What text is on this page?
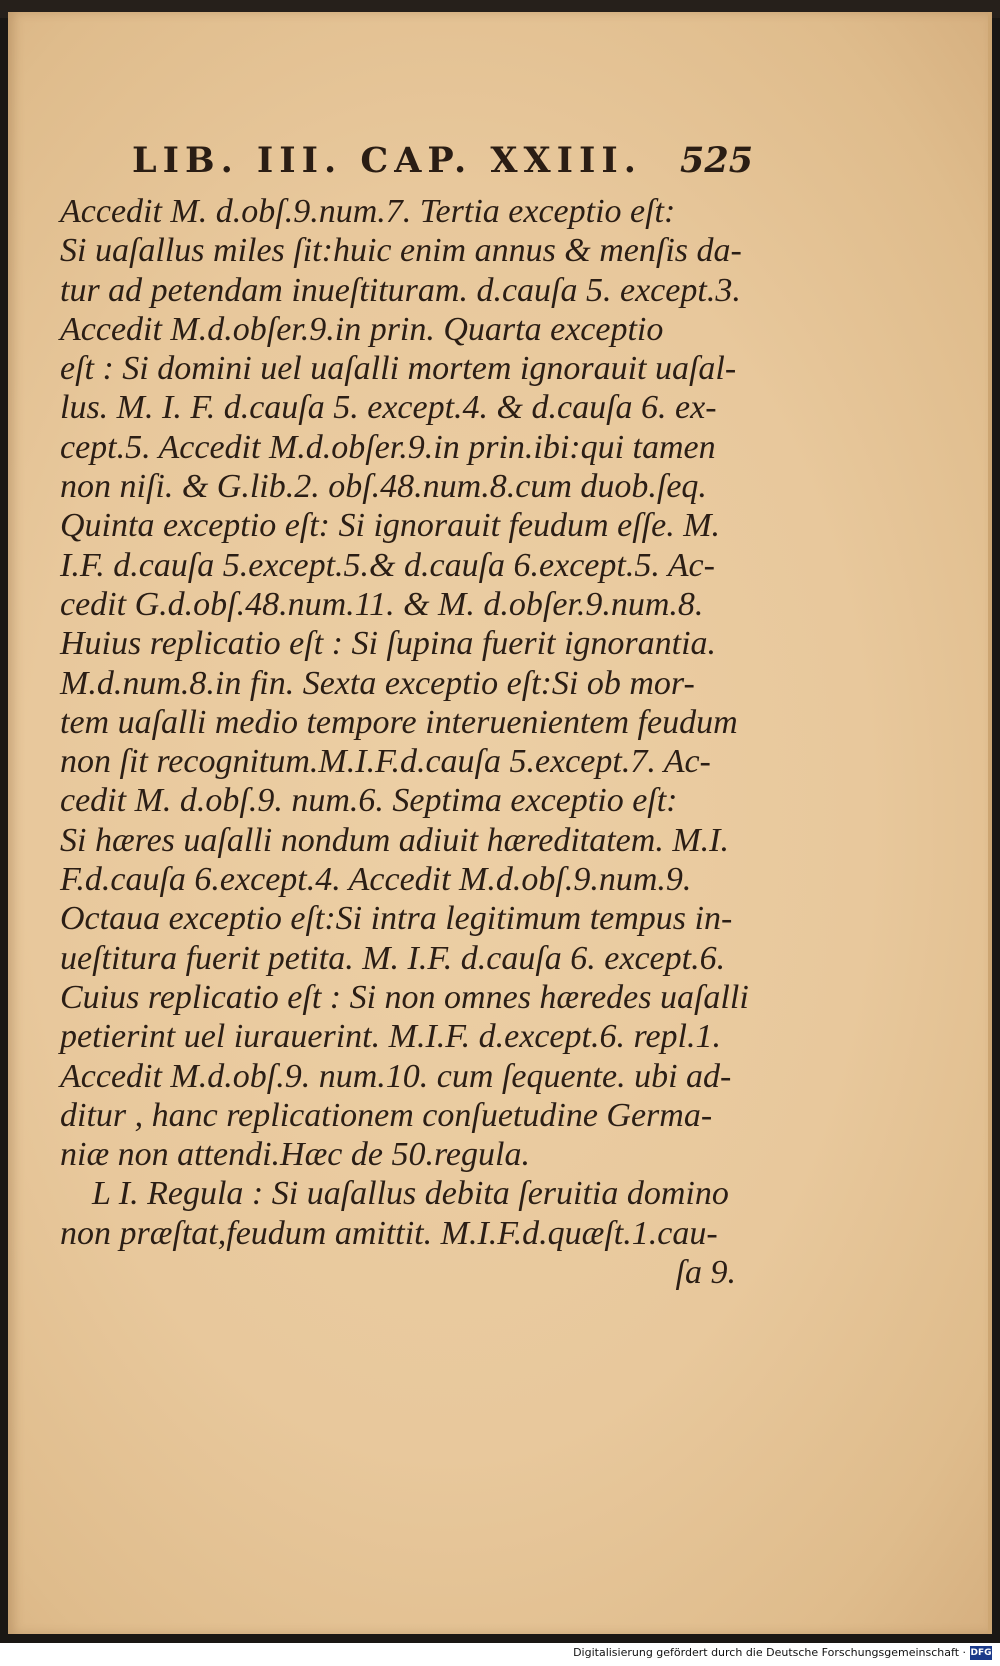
LIB. III. CAP. XXIII. 525
Accedit M. d.obſ.9.num.7. Tertia exceptio eſt:
Si uaſallus miles ſit:huic enim annus & menſis da-
tur ad petendam inueſtituram. d.cauſa 5. except.3.
Accedit M.d.obſer.9.in prin. Quarta exceptio
eſt : Si domini uel uaſalli mortem ignorauit uaſal-
lus. M. I. F. d.cauſa 5. except.4. & d.cauſa 6. ex-
cept.5. Accedit M.d.obſer.9.in prin.ibi:qui tamen
non niſi. & G.lib.2. obſ.48.num.8.cum duob.ſeq.
Quinta exceptio eſt: Si ignorauit feudum eſſe. M.
I.F. d.cauſa 5.except.5.& d.cauſa 6.except.5. Ac-
cedit G.d.obſ.48.num.11. & M. d.obſer.9.num.8.
Huius replicatio eſt : Si ſupina fuerit ignorantia.
M.d.num.8.in fin. Sexta exceptio eſt:Si ob mor-
tem uaſalli medio tempore interuenientem feudum
non ſit recognitum.M.I.F.d.cauſa 5.except.7. Ac-
cedit M. d.obſ.9. num.6. Septima exceptio eſt:
Si hæres uaſalli nondum adiuit hæreditatem. M.I.
F.d.cauſa 6.except.4. Accedit M.d.obſ.9.num.9.
Octaua exceptio eſt:Si intra legitimum tempus in-
ueſtitura fuerit petita. M. I.F. d.cauſa 6. except.6.
Cuius replicatio eſt : Si non omnes hæredes uaſalli
petierint uel iurauerint. M.I.F. d.except.6. repl.1.
Accedit M.d.obſ.9. num.10. cum ſequente. ubi ad-
ditur , hanc replicationem conſuetudine Germa-
niæ non attendi.Hæc de 50.regula.
L I. Regula : Si uaſallus debita ſeruitia domino
non præſtat,feudum amittit. M.I.F.d.quæſt.1.cau-
ſa 9.
Digitalisierung gefördert durch die Deutsche Forschungsgemeinschaft · DFG
